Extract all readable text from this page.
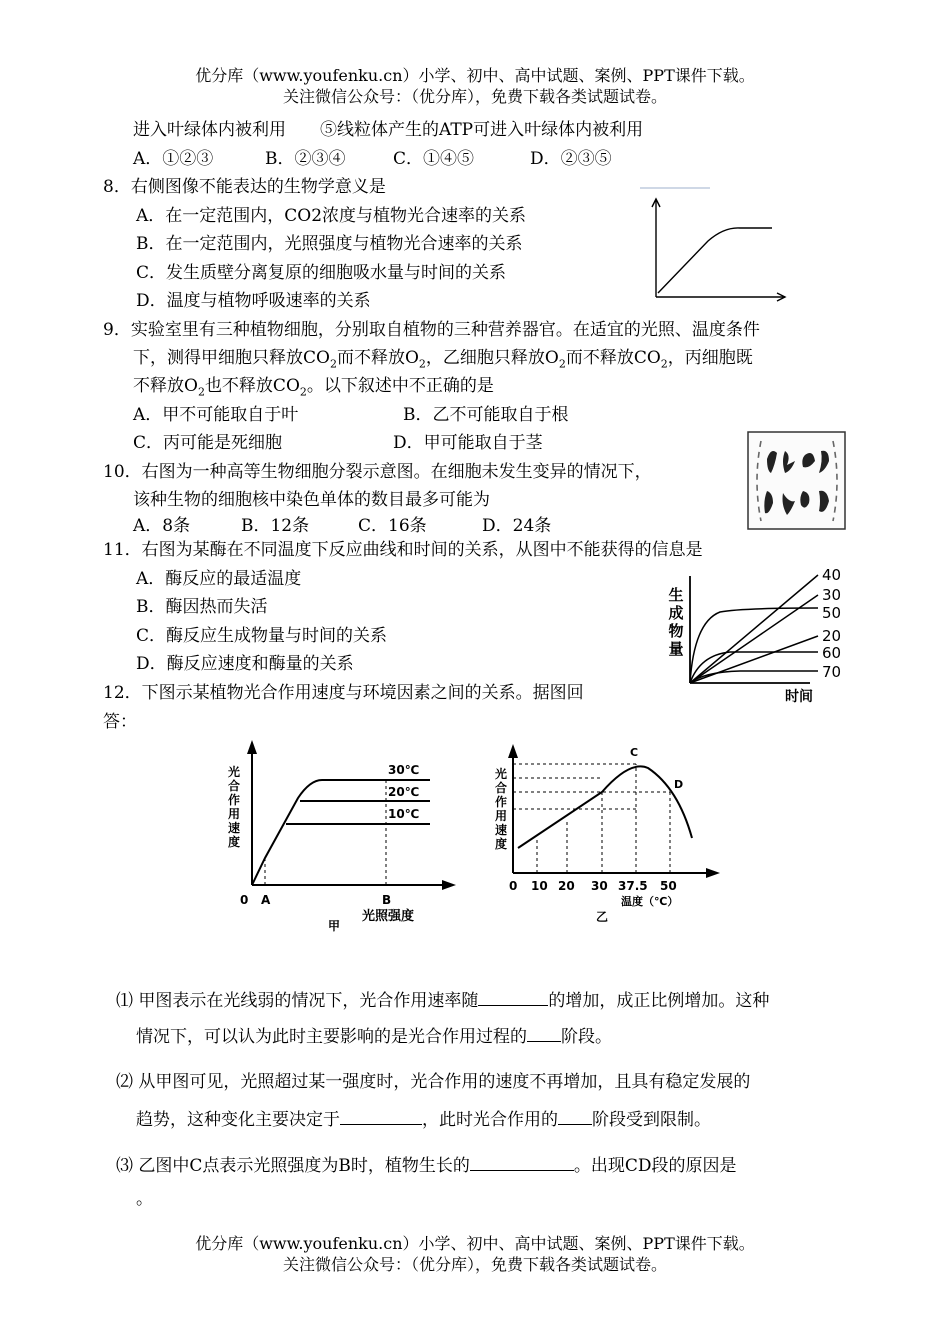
优分库（www.youfenku.cn）小学、初中、高中试题、案例、PPT课件下载。
关注微信公众号：（优分库），免费下载各类试题试卷。
进入叶绿体内被利用　　⑤线粒体产生的ATP可进入叶绿体内被利用
A．①②③	B．②③④	C．①④⑤	D．②③⑤
8．右侧图像不能表达的生物学意义是
A．在一定范围内，CO2浓度与植物光合速率的关系
B．在一定范围内，光照强度与植物光合速率的关系
C．发生质壁分离复原的细胞吸水量与时间的关系
D．温度与植物呼吸速率的关系
9．实验室里有三种植物细胞，分别取自植物的三种营养器官。在适宜的光照、温度条件
下，测得甲细胞只释放$CO_2$而不释放$O_2$，乙细胞只释放$O_2$而不释放$CO_2$，丙细胞既
不释放$O_2$也不释放$CO_2$。以下叙述中不正确的是
A．甲不可能取自于叶	B．乙不可能取自于根
C．丙可能是死细胞	D．甲可能取自于茎
10．右图为一种高等生物细胞分裂示意图。在细胞未发生变异的情况下，
该种生物的细胞核中染色单体的数目最多可能为
A．8条	B．12条	C．16条	D．24条
11．右图为某酶在不同温度下反应曲线和时间的关系，从图中不能获得的信息是
A．酶反应的最适温度
B．酶因热而失活
C．酶反应生成物量与时间的关系
D．酶反应速度和酶量的关系
生
成
物
量
40
30
50
20
60
70
时间
12．下图示某植物光合作用速度与环境因素之间的关系。据图回
答：
光
合
作
用
速
度
30℃
20℃
10℃
0 A	B
光照强度
甲
光
合
作
用
速
度
C
D
0 10 20 30 37.5 50
温度（℃）
乙
⑴ 甲图表示在光线弱的情况下，光合作用速率随	的增加，成正比例增加。这种
情况下，可以认为此时主要影响的是光合作用过程的 阶段。
⑵ 从甲图可见，光照超过某一强度时，光合作用的速度不再增加，且具有稳定发展的
趋势，这种变化主要决定于	，此时光合作用的 阶段受到限制。
⑶ 乙图中C点表示光照强度为B时，植物生长的	。出现CD段的原因是
。
优分库（www.youfenku.cn）小学、初中、高中试题、案例、PPT课件下载。
关注微信公众号：（优分库），免费下载各类试题试卷。
